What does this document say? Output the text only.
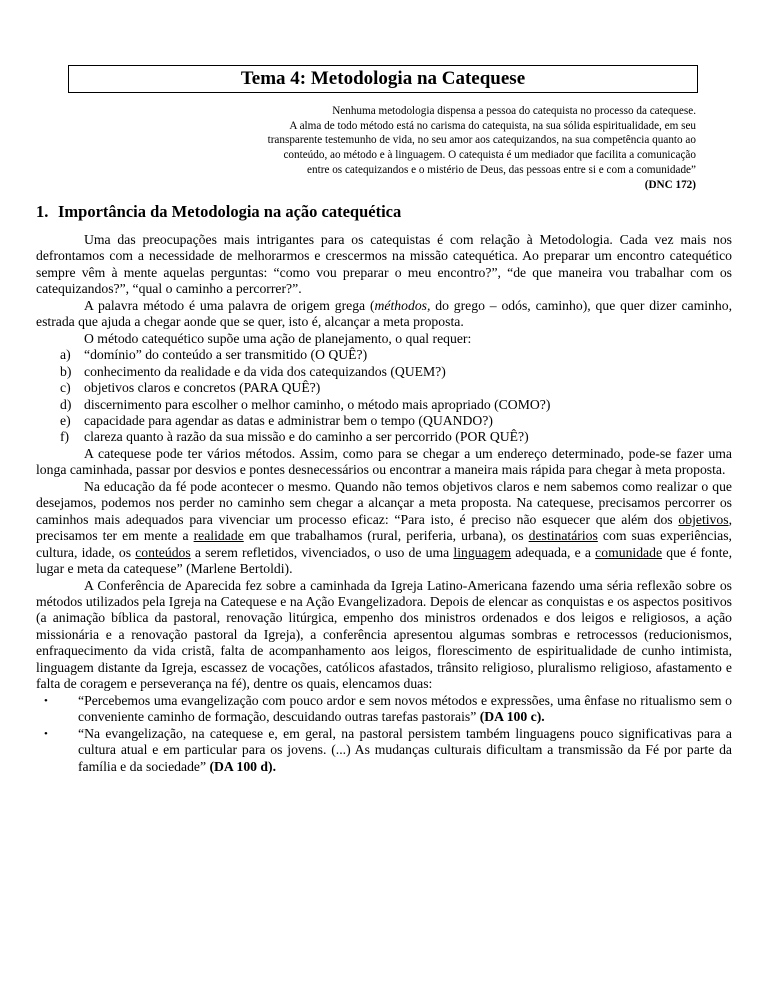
Tema 4: Metodologia na Catequese
Nenhuma metodologia dispensa a pessoa do catequista no processo da catequese.
A alma de todo método está no carisma do catequista, na sua sólida espiritualidade, em seu
transparente testemunho de vida, no seu amor aos catequizandos, na sua competência quanto ao
conteúdo, ao método e à linguagem. O catequista é um mediador que facilita a comunicação
entre os catequizandos e o mistério de Deus, das pessoas entre si e com a comunidade”
(DNC 172)
1. Importância da Metodologia na ação catequética

Uma das preocupações mais intrigantes para os catequistas é com relação à Metodologia. Cada vez mais nos defrontamos com a necessidade de melhorarmos e crescermos na missão catequética. Ao preparar um encontro catequético sempre vêm à mente aquelas perguntas: “como vou preparar o meu encontro?”, “de que maneira vou trabalhar com os catequizandos?”, “qual o caminho a percorrer?”.

A palavra método é uma palavra de origem grega (méthodos, do grego – odós, caminho), que quer dizer caminho, estrada que ajuda a chegar aonde que se quer, isto é, alcançar a meta proposta.

O método catequético supõe uma ação de planejamento, o qual requer:

a) “domínio” do conteúdo a ser transmitido (O QUÊ?)
b) conhecimento da realidade e da vida dos catequizandos (QUEM?)
c) objetivos claros e concretos (PARA QUÊ?)
d) discernimento para escolher o melhor caminho, o método mais apropriado (COMO?)
e) capacidade para agendar as datas e administrar bem o tempo (QUANDO?)
f) clareza quanto à razão da sua missão e do caminho a ser percorrido (POR QUÊ?)

A catequese pode ter vários métodos. Assim, como para se chegar a um endereço determinado, pode-se fazer uma longa caminhada, passar por desvios e pontes desnecessários ou encontrar a maneira mais rápida para chegar à meta proposta.

Na educação da fé pode acontecer o mesmo. Quando não temos objetivos claros e nem sabemos como realizar o que desejamos, podemos nos perder no caminho sem chegar a alcançar a meta proposta. Na catequese, precisamos percorrer os caminhos mais adequados para vivenciar um processo eficaz: “Para isto, é preciso não esquecer que além dos objetivos, precisamos ter em mente a realidade em que trabalhamos (rural, periferia, urbana), os destinatários com suas experiências, cultura, idade, os conteúdos a serem refletidos, vivenciados, o uso de uma linguagem adequada, e a comunidade que é fonte, lugar e meta da catequese” (Marlene Bertoldi).

A Conferência de Aparecida fez sobre a caminhada da Igreja Latino-Americana fazendo uma séria reflexão sobre os métodos utilizados pela Igreja na Catequese e na Ação Evangelizadora. Depois de elencar as conquistas e os aspectos positivos (a animação bíblica da pastoral, renovação litúrgica, empenho dos ministros ordenados e dos leigos e religiosos, a ação missionária e a renovação pastoral da Igreja), a conferência apresentou algumas sombras e retrocessos (reducionismos, enfraquecimento da vida cristã, falta de acompanhamento aos leigos, florescimento de espiritualidade de cunho intimista, linguagem distante da Igreja, escassez de vocações, católicos afastados, trânsito religioso, pluralismo religioso, afastamento e falta de coragem e perseverança na fé), dentre os quais, elencamos duas:

• “Percebemos uma evangelização com pouco ardor e sem novos métodos e expressões, uma ênfase no ritualismo sem o conveniente caminho de formação, descuidando outras tarefas pastorais” (DA 100 c).
• “Na evangelização, na catequese e, em geral, na pastoral persistem também linguagens pouco significativas para a cultura atual e em particular para os jovens. (...) As mudanças culturais dificultam a transmissão da Fé por parte da família e da sociedade” (DA 100 d).
